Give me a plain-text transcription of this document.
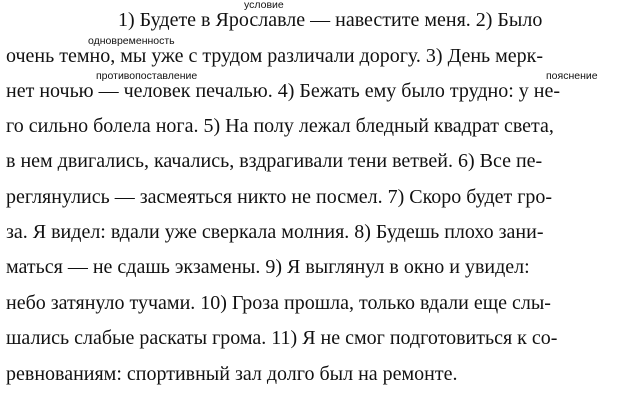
условие
1) Будете в Ярославле — навестите меня. 2) Было
одновременность
очень темно, мы уже с трудом различали дорогу. 3) День мерк-
противопоставление	пояснение
нет ночью — человек печалью. 4) Бежать ему было трудно: у не-
го сильно болела нога. 5) На полу лежал бледный квадрат света,
в нем двигались, качались, вздрагивали тени ветвей. 6) Все пе-
реглянулись — засмеяться никто не посмел. 7) Скоро будет гро-
за. Я видел: вдали уже сверкала молния. 8) Будешь плохо зани-
маться — не сдашь экзамены. 9) Я выглянул в окно и увидел:
небо затянуло тучами. 10) Гроза прошла, только вдали еще слы-
шались слабые раскаты грома. 11) Я не смог подготовиться к со-
ревнованиям: спортивный зал долго был на ремонте.
